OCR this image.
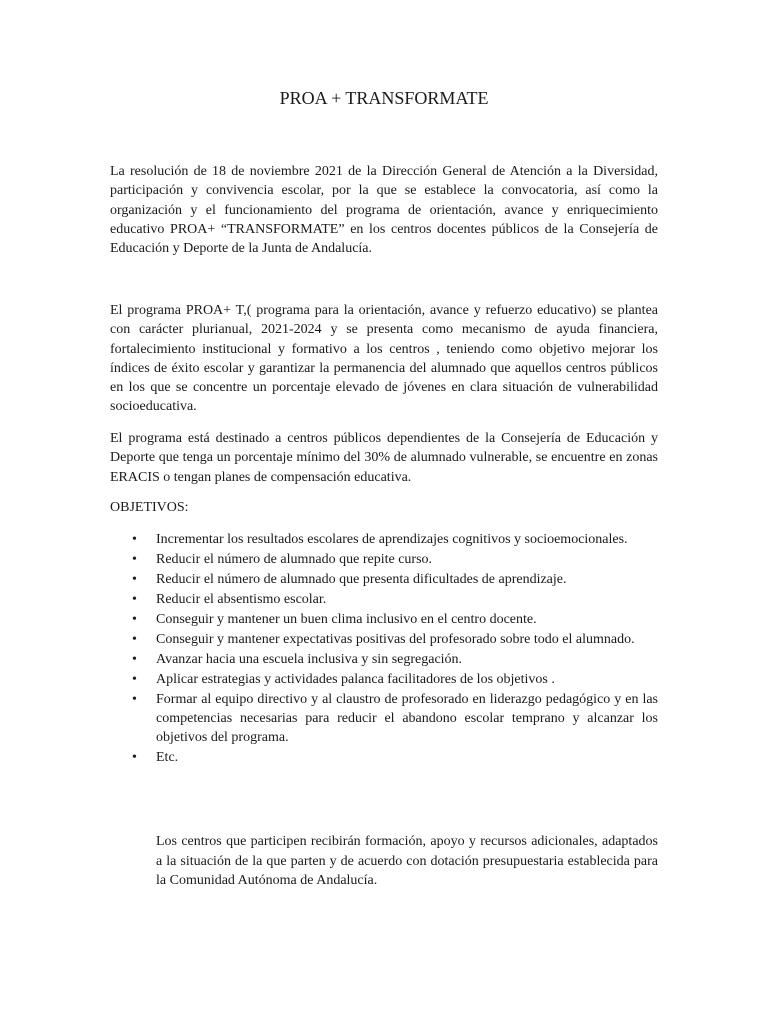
PROA + TRANSFORMATE

La resolución de 18 de noviembre 2021 de la Dirección General de Atención a la Diversidad, participación y convivencia escolar, por la que se establece la convocatoria, así como la organización y el funcionamiento del programa de orientación, avance y enriquecimiento educativo PROA+ “TRANSFORMATE” en los centros docentes públicos de la Consejería de Educación y Deporte de la Junta de Andalucía.

El programa PROA+ T,( programa para la orientación, avance y refuerzo educativo) se plantea con carácter plurianual, 2021-2024 y se presenta como mecanismo de ayuda financiera, fortalecimiento institucional y formativo a los centros , teniendo como objetivo mejorar los índices de éxito escolar y garantizar la permanencia del alumnado que aquellos centros públicos en los que se concentre un porcentaje elevado de jóvenes en clara situación de vulnerabilidad socioeducativa.

El programa está destinado a centros públicos dependientes de la Consejería de Educación y Deporte que tenga un porcentaje mínimo del 30% de alumnado vulnerable, se encuentre en zonas ERACIS o tengan planes de compensación educativa.

OBJETIVOS:
• Incrementar los resultados escolares de aprendizajes cognitivos y socioemocionales.
• Reducir el número de alumnado que repite curso.
• Reducir el número de alumnado que presenta dificultades de aprendizaje.
• Reducir el absentismo escolar.
• Conseguir y mantener un buen clima inclusivo en el centro docente.
• Conseguir y mantener expectativas positivas del profesorado sobre todo el alumnado.
• Avanzar hacia una escuela inclusiva y sin segregación.
• Aplicar estrategias y actividades palanca facilitadores de los objetivos .
• Formar al equipo directivo y al claustro de profesorado en liderazgo pedagógico y en las competencias necesarias para reducir el abandono escolar temprano y alcanzar los objetivos del programa.
• Etc.

Los centros que participen recibirán formación, apoyo y recursos adicionales, adaptados a la situación de la que parten y de acuerdo con dotación presupuestaria establecida para la Comunidad Autónoma de Andalucía.
